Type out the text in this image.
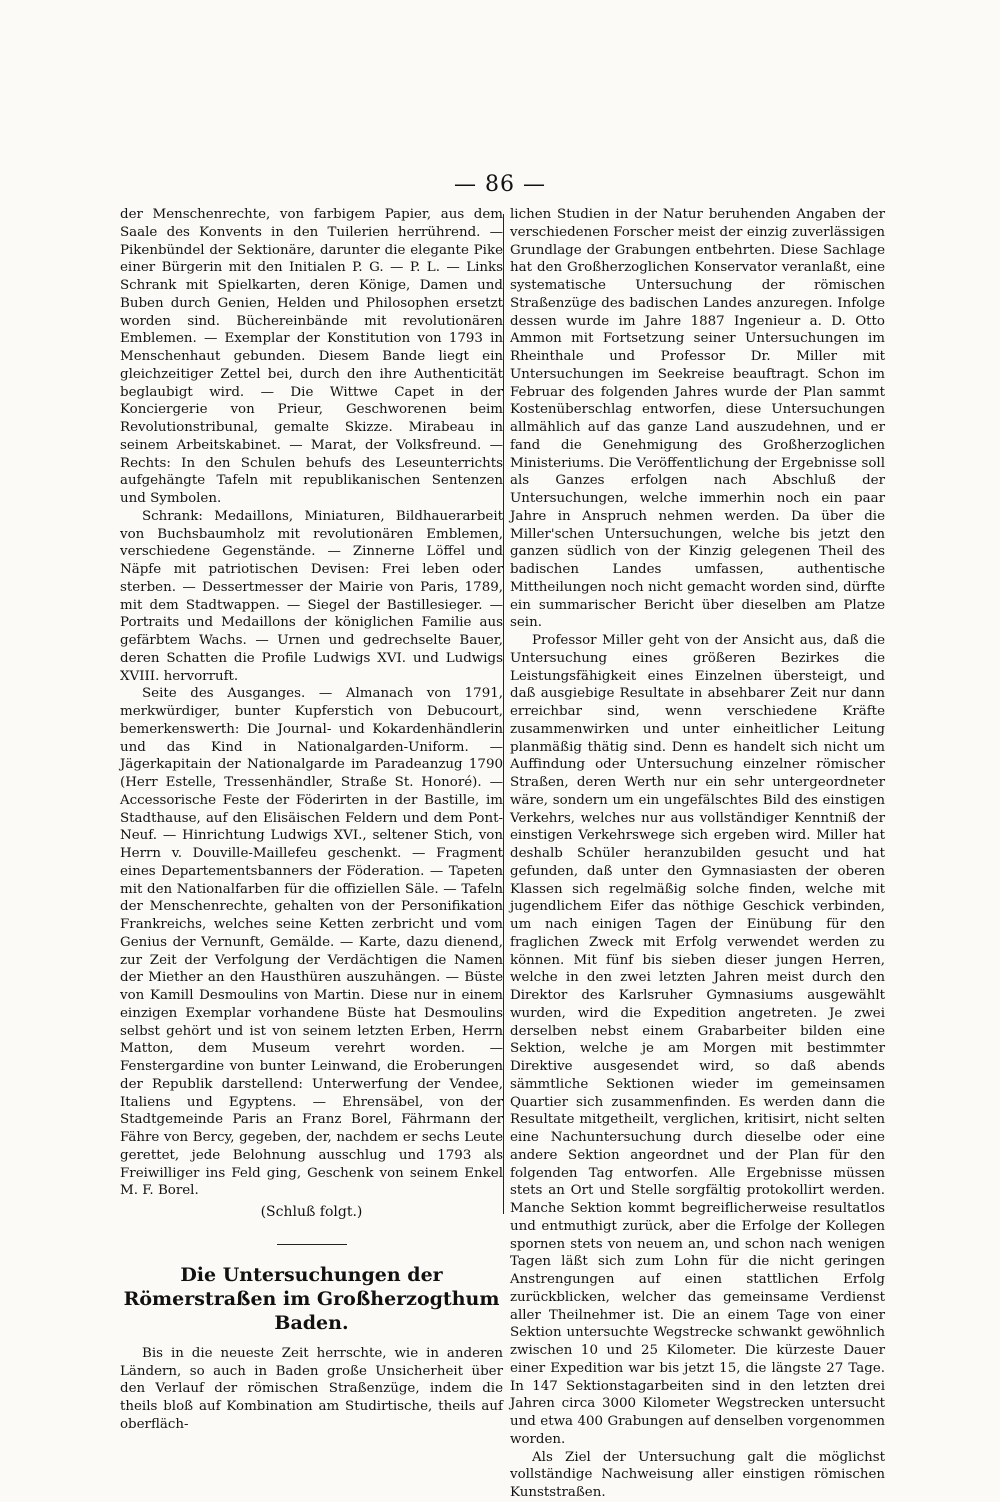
— 86 —

der Menschenrechte, von farbigem Papier, aus dem Saale des Konvents in den Tuilerien herrührend. — Pikenbündel der Sektionäre, darunter die elegante Pike einer Bürgerin mit den Initialen P. G. — P. L. — Links Schrank mit Spielkarten, deren Könige, Damen und Buben durch Genien, Helden und Philosophen ersetzt worden sind. Büchereinbände mit revolutionären Emblemen. — Exemplar der Konstitution von 1793 in Menschenhaut gebunden. Diesem Bande liegt ein gleichzeitiger Zettel bei, durch den ihre Authenticität beglaubigt wird. — Die Wittwe Capet in der Konciergerie von Prieur, Geschworenen beim Revolutionstribunal, gemalte Skizze. Mirabeau in seinem Arbeitskabinet. — Marat, der Volksfreund. — Rechts: In den Schulen behufs des Leseunterrichts aufgehängte Tafeln mit republikanischen Sentenzen und Symbolen.

Schrank: Medaillons, Miniaturen, Bildhauerarbeit von Buchsbaumholz mit revolutionären Emblemen, verschiedene Gegenstände. — Zinnerne Löffel und Näpfe mit patriotischen Devisen: Frei leben oder sterben. — Dessertmesser der Mairie von Paris, 1789, mit dem Stadtwappen. — Siegel der Bastillesieger. — Portraits und Medaillons der königlichen Familie aus gefärbtem Wachs. — Urnen und gedrechselte Bauer, deren Schatten die Profile Ludwigs XVI. und Ludwigs XVIII. hervorruft.

Seite des Ausganges. — Almanach von 1791, merkwürdiger, bunter Kupferstich von Debucourt, bemerkenswerth: Die Journal- und Kokardenhändlerin und das Kind in Nationalgarden-Uniform. — Jägerkapitain der Nationalgarde im Paradeanzug 1790 (Herr Estelle, Tressenhändler, Straße St. Honoré). — Accessorische Feste der Föderirten in der Bastille, im Stadthause, auf den Elisäischen Feldern und dem Pont-Neuf. — Hinrichtung Ludwigs XVI., seltener Stich, von Herrn v. Douville-Maillefeu geschenkt. — Fragment eines Departementsbanners der Föderation. — Tapeten mit den Nationalfarben für die offiziellen Säle. — Tafeln der Menschenrechte, gehalten von der Personifikation Frankreichs, welches seine Ketten zerbricht und vom Genius der Vernunft, Gemälde. — Karte, dazu dienend, zur Zeit der Verfolgung der Verdächtigen die Namen der Miether an den Hausthüren auszuhängen. — Büste von Kamill Desmoulins von Martin. Diese nur in einem einzigen Exemplar vorhandene Büste hat Desmoulins selbst gehört und ist von seinem letzten Erben, Herrn Matton, dem Museum verehrt worden. — Fenstergardine von bunter Leinwand, die Eroberungen der Republik darstellend: Unterwerfung der Vendee, Italiens und Egyptens. — Ehrensäbel, von der Stadtgemeinde Paris an Franz Borel, Fährmann der Fähre von Bercy, gegeben, der, nachdem er sechs Leute gerettet, jede Belohnung ausschlug und 1793 als Freiwilliger ins Feld ging, Geschenk von seinem Enkel M. F. Borel.

(Schluß folgt.)

Die Untersuchungen der Römerstraßen im Großherzogthum Baden.

Bis in die neueste Zeit herrschte, wie in anderen Ländern, so auch in Baden große Unsicherheit über den Verlauf der römischen Straßenzüge, indem die theils bloß auf Kombination am Studirtische, theils auf oberfläch-

lichen Studien in der Natur beruhenden Angaben der verschiedenen Forscher meist der einzig zuverlässigen Grundlage der Grabungen entbehrten. Diese Sachlage hat den Großherzoglichen Konservator veranlaßt, eine systematische Untersuchung der römischen Straßenzüge des badischen Landes anzuregen. Infolge dessen wurde im Jahre 1887 Ingenieur a. D. Otto Ammon mit Fortsetzung seiner Untersuchungen im Rheinthale und Professor Dr. Miller mit Untersuchungen im Seekreise beauftragt. Schon im Februar des folgenden Jahres wurde der Plan sammt Kostenüberschlag entworfen, diese Untersuchungen allmählich auf das ganze Land auszudehnen, und er fand die Genehmigung des Großherzoglichen Ministeriums. Die Veröffentlichung der Ergebnisse soll als Ganzes erfolgen nach Abschluß der Untersuchungen, welche immerhin noch ein paar Jahre in Anspruch nehmen werden. Da über die Miller'schen Untersuchungen, welche bis jetzt den ganzen südlich von der Kinzig gelegenen Theil des badischen Landes umfassen, authentische Mittheilungen noch nicht gemacht worden sind, dürfte ein summarischer Bericht über dieselben am Platze sein.

Professor Miller geht von der Ansicht aus, daß die Untersuchung eines größeren Bezirkes die Leistungsfähigkeit eines Einzelnen übersteigt, und daß ausgiebige Resultate in absehbarer Zeit nur dann erreichbar sind, wenn verschiedene Kräfte zusammenwirken und unter einheitlicher Leitung planmäßig thätig sind. Denn es handelt sich nicht um Auffindung oder Untersuchung einzelner römischer Straßen, deren Werth nur ein sehr untergeordneter wäre, sondern um ein ungefälschtes Bild des einstigen Verkehrs, welches nur aus vollständiger Kenntniß der einstigen Verkehrswege sich ergeben wird. Miller hat deshalb Schüler heranzubilden gesucht und hat gefunden, daß unter den Gymnasiasten der oberen Klassen sich regelmäßig solche finden, welche mit jugendlichem Eifer das nöthige Geschick verbinden, um nach einigen Tagen der Einübung für den fraglichen Zweck mit Erfolg verwendet werden zu können. Mit fünf bis sieben dieser jungen Herren, welche in den zwei letzten Jahren meist durch den Direktor des Karlsruher Gymnasiums ausgewählt wurden, wird die Expedition angetreten. Je zwei derselben nebst einem Grabarbeiter bilden eine Sektion, welche je am Morgen mit bestimmter Direktive ausgesendet wird, so daß abends sämmtliche Sektionen wieder im gemeinsamen Quartier sich zusammenfinden. Es werden dann die Resultate mitgetheilt, verglichen, kritisirt, nicht selten eine Nachuntersuchung durch dieselbe oder eine andere Sektion angeordnet und der Plan für den folgenden Tag entworfen. Alle Ergebnisse müssen stets an Ort und Stelle sorgfältig protokollirt werden. Manche Sektion kommt begreiflicherweise resultatlos und entmuthigt zurück, aber die Erfolge der Kollegen spornen stets von neuem an, und schon nach wenigen Tagen läßt sich zum Lohn für die nicht geringen Anstrengungen auf einen stattlichen Erfolg zurückblicken, welcher das gemeinsame Verdienst aller Theilnehmer ist. Die an einem Tage von einer Sektion untersuchte Wegstrecke schwankt gewöhnlich zwischen 10 und 25 Kilometer. Die kürzeste Dauer einer Expedition war bis jetzt 15, die längste 27 Tage. In 147 Sektionstagarbeiten sind in den letzten drei Jahren circa 3000 Kilometer Wegstrecken untersucht und etwa 400 Grabungen auf denselben vorgenommen worden.

Als Ziel der Untersuchung galt die möglichst vollständige Nachweisung aller einstigen römischen Kunststraßen.
